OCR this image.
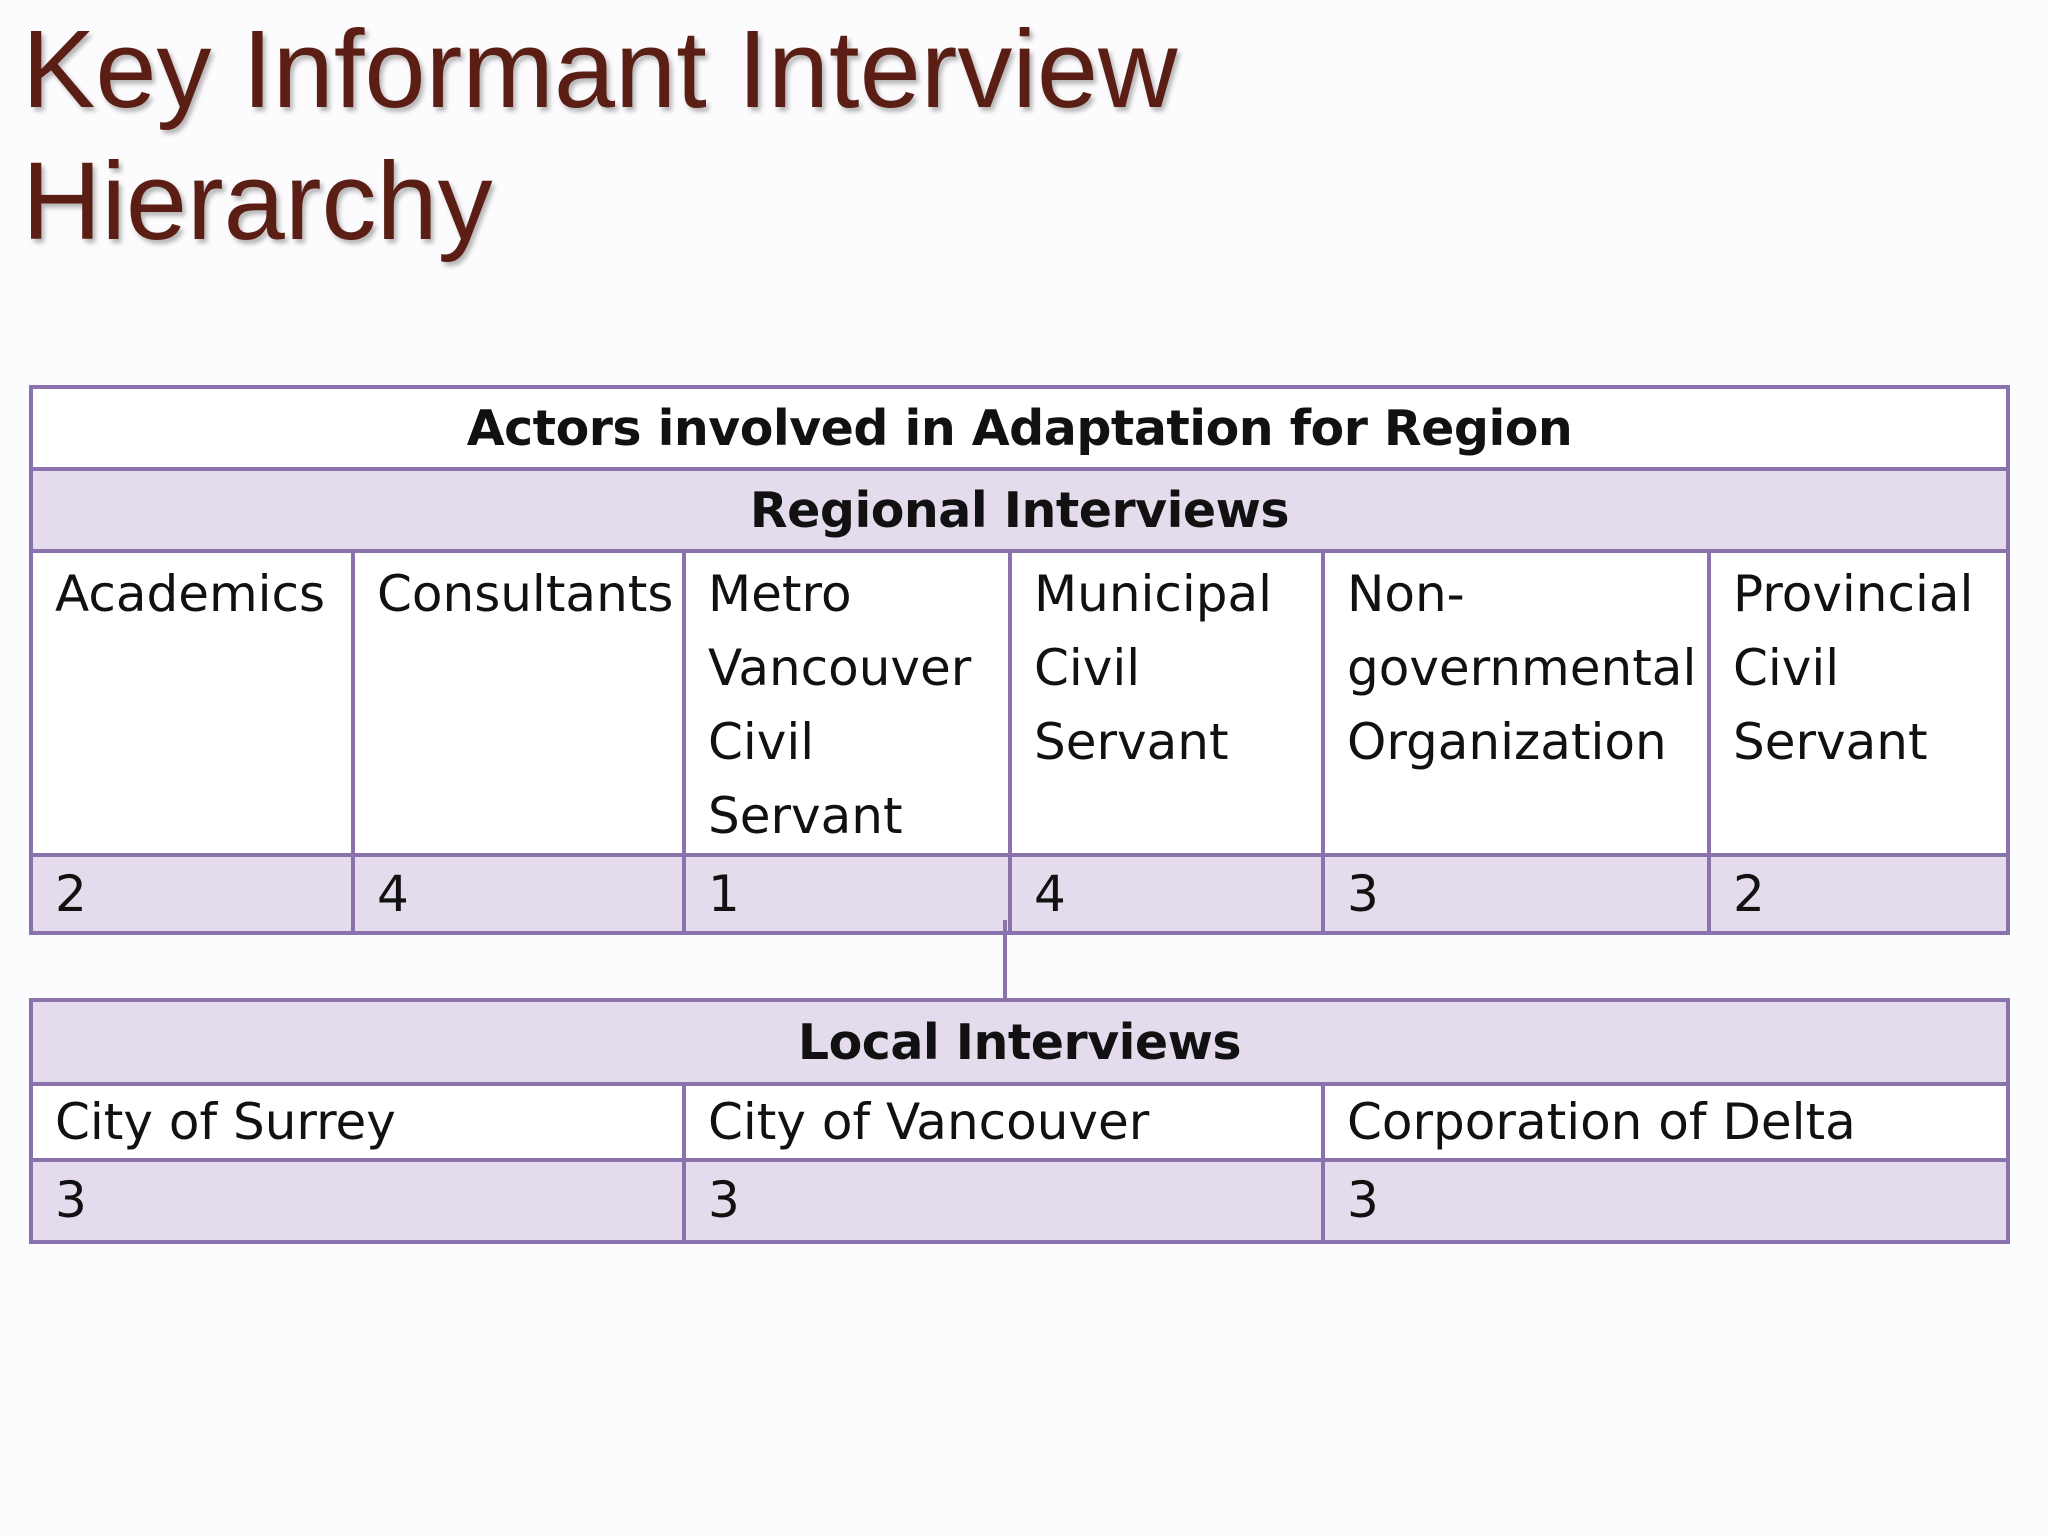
Key Informant Interview
Hierarchy
Actors involved in Adaptation for Region					
Regional Interviews					
Academics	Consultants	Metro Vancouver Civil Servant	Municipal Civil Servant	Non-governmental Organization	Provincial Civil Servant
2	4	1	4	3	2
Local Interviews		
City of Surrey	City of Vancouver	Corporation of Delta
3	3	3
